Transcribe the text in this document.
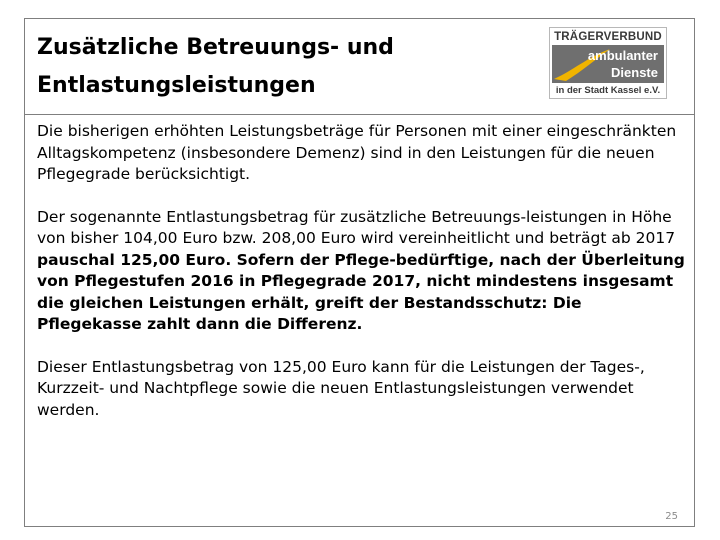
Zusätzliche Betreuungs- und
Entlastungsleistungen
TRÄGERVERBUND
ambulanter
Dienste
in der Stadt Kassel e.V.

Die bisherigen erhöhten Leistungsbeträge für Personen mit einer eingeschränkten Alltagskompetenz (insbesondere Demenz) sind in den Leistungen für die neuen Pflegegrade berücksichtigt.

Der sogenannte Entlastungsbetrag für zusätzliche Betreuungs-leistungen in Höhe von bisher 104,00 Euro bzw. 208,00 Euro wird vereinheitlicht und beträgt ab 2017 pauschal 125,00 Euro. Sofern der Pflege-bedürftige, nach der Überleitung von Pflegestufen 2016 in Pflegegrade 2017, nicht mindestens insgesamt die gleichen Leistungen erhält, greift der Bestandsschutz: Die Pflegekasse zahlt dann die Differenz.

Dieser Entlastungsbetrag von 125,00 Euro kann für die Leistungen der Tages-, Kurzzeit- und Nachtpflege sowie die neuen Entlastungsleistungen verwendet werden.

25
